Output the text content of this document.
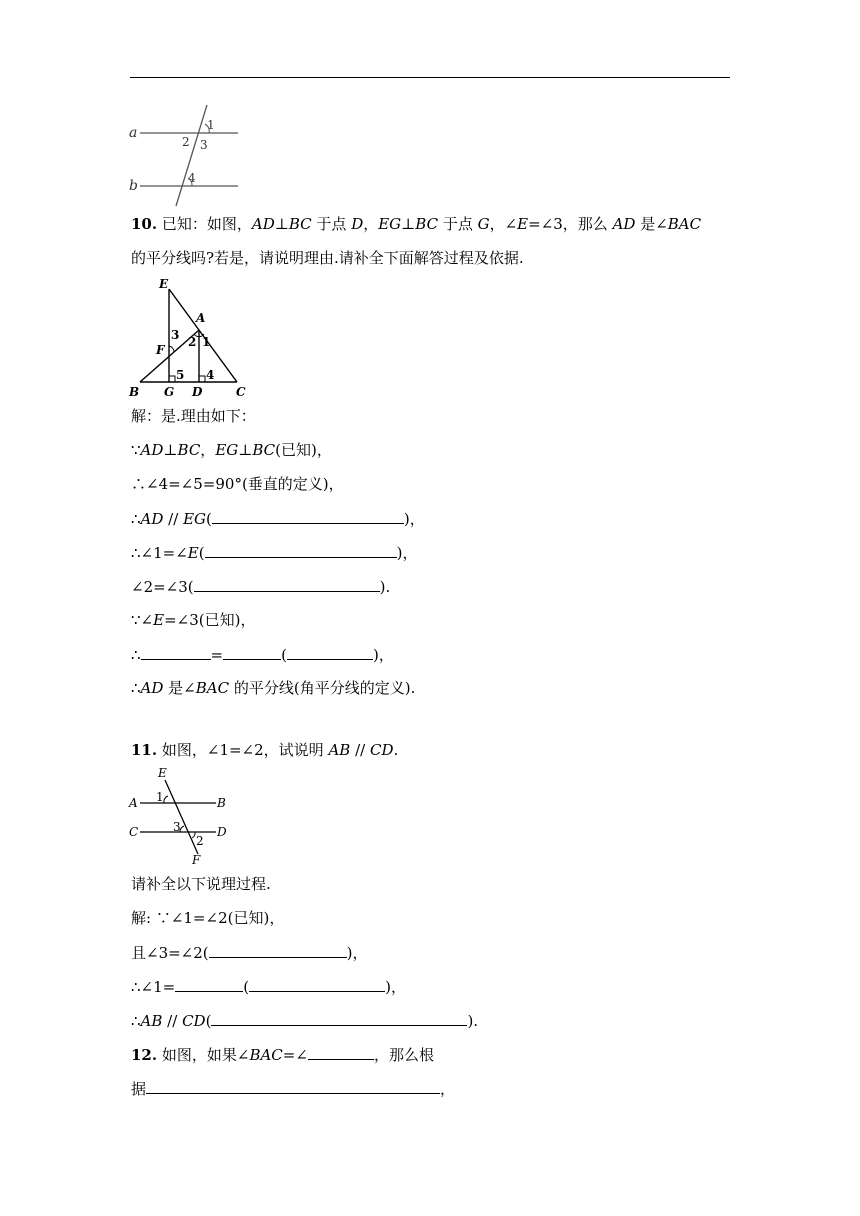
a
b
1
2 3
4
10. 已知：如图，AD⊥BC 于点 D，EG⊥BC 于点 G，∠E=∠3，那么 AD 是∠BAC
的平分线吗?若是，请说明理由.请补全下面解答过程及依据.
E
A
F
B G D	C
3 2 1
5 4
解：是.理由如下：
∵AD⊥BC，EG⊥BC(已知)，
∴∠4=∠5=90°(垂直的定义)，
∴AD // EG(	)，
∴∠1=∠E(	)，
∠2=∠3(	).
∵∠E=∠3(已知)，
∴	=	(	)，
∴AD 是∠BAC 的平分线(角平分线的定义).
11. 如图，∠1=∠2，试说明 AB // CD.
E
A	B
C	D
F
1
3
2
请补全以下说理过程.
解: ∵∠1=∠2(已知)，
且∠3=∠2(	)，
∴∠1=	(	)，
∴AB // CD(	).
12. 如图，如果∠BAC=∠	，那么根
据	，
